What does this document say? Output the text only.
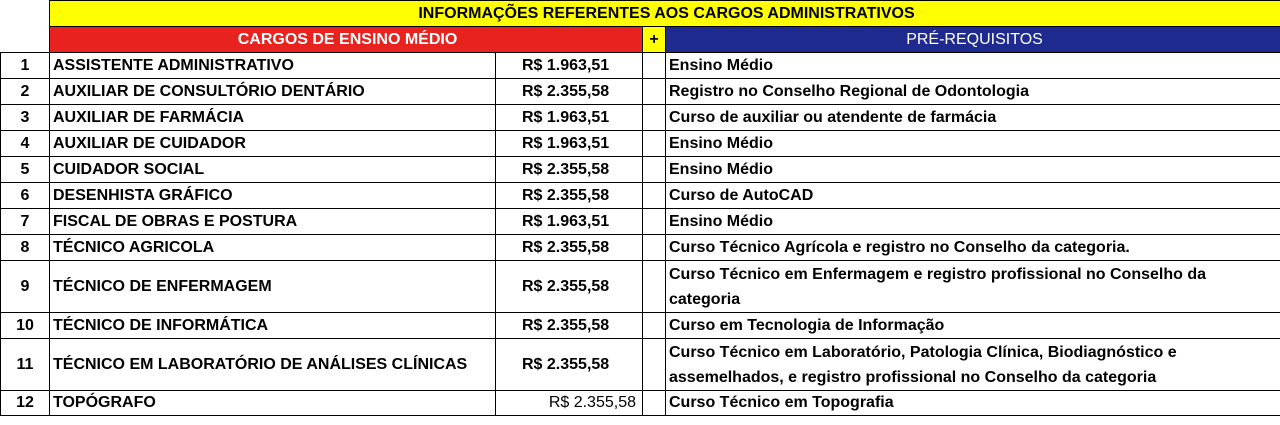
	INFORMAÇÕES REFERENTES AOS CARGOS ADMINISTRATIVOS			
	CARGOS DE ENSINO MÉDIO		+	PRÉ-REQUISITOS
1	ASSISTENTE ADMINISTRATIVO	R$ 1.963,51		Ensino Médio
2	AUXILIAR DE CONSULTÓRIO DENTÁRIO	R$ 2.355,58		Registro no Conselho Regional de Odontologia
3	AUXILIAR DE FARMÁCIA	R$ 1.963,51		Curso de auxiliar ou atendente de farmácia
4	AUXILIAR DE CUIDADOR	R$ 1.963,51		Ensino Médio
5	CUIDADOR SOCIAL	R$ 2.355,58		Ensino Médio
6	DESENHISTA GRÁFICO	R$ 2.355,58		Curso de AutoCAD
7	FISCAL DE OBRAS E POSTURA	R$ 1.963,51		Ensino Médio
8	TÉCNICO AGRICOLA	R$ 2.355,58		Curso Técnico Agrícola e registro no Conselho da categoria.
9	TÉCNICO DE ENFERMAGEM	R$ 2.355,58		Curso Técnico em Enfermagem e registro profissional no Conselho da categoria

10	TÉCNICO DE INFORMÁTICA	R$ 2.355,58		Curso em Tecnologia de Informação
11	TÉCNICO EM LABORATÓRIO DE ANÁLISES CLÍNICAS	R$ 2.355,58		Curso Técnico em Laboratório, Patologia Clínica, Biodiagnóstico e assemelhados, e registro profissional no Conselho da categoria

12	TOPÓGRAFO	R$ 2.355,58		Curso Técnico em Topografia
